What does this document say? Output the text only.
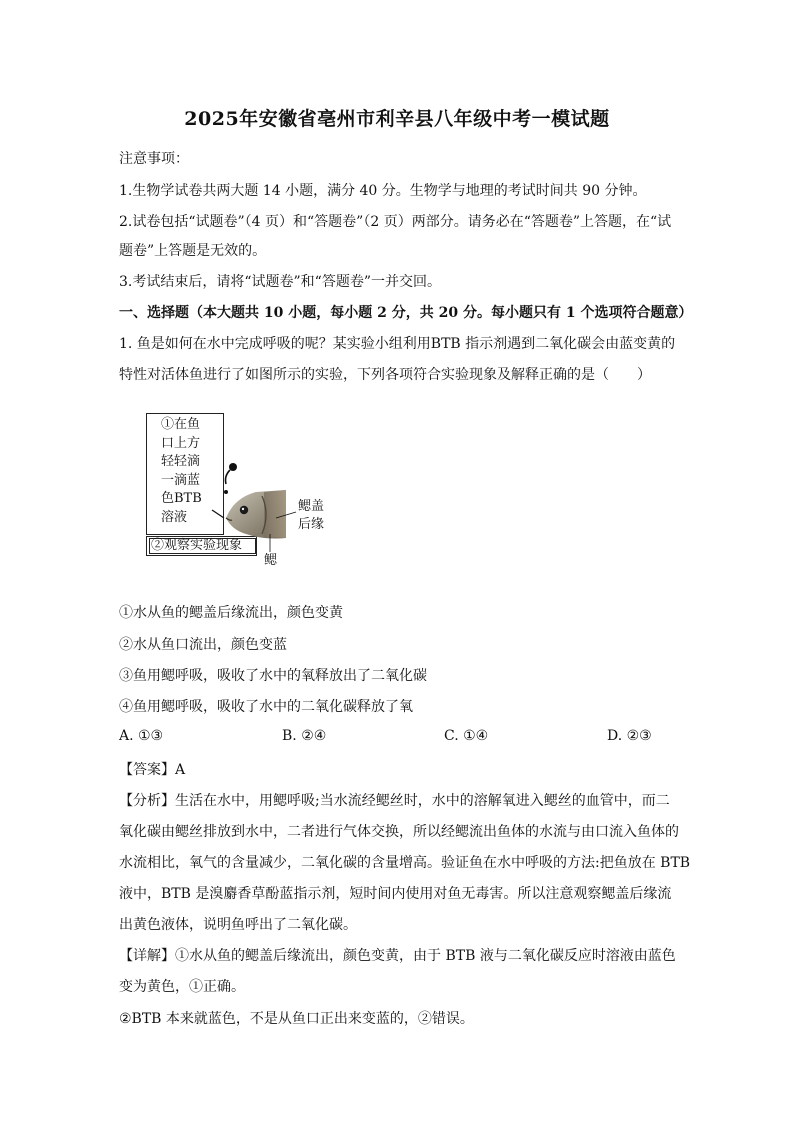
2025年安徽省亳州市利辛县八年级中考一模试题
注意事项：
1.生物学试卷共两大题 14 小题，满分 40 分。生物学与地理的考试时间共 90 分钟。
2.试卷包括“试题卷”（4 页）和“答题卷”（2 页）两部分。请务必在“答题卷”上答题，在“试
题卷”上答题是无效的。
3.考试结束后，请将“试题卷”和“答题卷”一并交回。
一、选择题（本大题共 10 小题，每小题 2 分，共 20 分。每小题只有 1 个选项符合题意）
1. 鱼是如何在水中完成呼吸的呢？某实验小组利用BTB 指示剂遇到二氧化碳会由蓝变黄的
特性对活体鱼进行了如图所示的实验，下列各项符合实验现象及解释正确的是（　　）
①在鱼
口上方
轻轻滴
一滴蓝
色BTB
溶液
②观察实验现象
鳃盖
后缘
鳃
①水从鱼的鳃盖后缘流出，颜色变黄
②水从鱼口流出，颜色变蓝
③鱼用鳃呼吸，吸收了水中的氧释放出了二氧化碳
④鱼用鳃呼吸，吸收了水中的二氧化碳释放了氧
A. ①③	B. ②④	C. ①④	D. ②③
【答案】A
【分析】生活在水中，用鳃呼吸;当水流经鳃丝时，水中的溶解氧进入鳃丝的血管中，而二
氧化碳由鳃丝排放到水中，二者进行气体交换，所以经鳃流出鱼体的水流与由口流入鱼体的
水流相比，氧气的含量减少，二氧化碳的含量增高。验证鱼在水中呼吸的方法:把鱼放在 BTB
液中，BTB 是溴麝香草酚蓝指示剂，短时间内使用对鱼无毒害。所以注意观察鳃盖后缘流
出黄色液体，说明鱼呼出了二氧化碳。
【详解】①水从鱼的鳃盖后缘流出，颜色变黄，由于 BTB 液与二氧化碳反应时溶液由蓝色
变为黄色，①正确。
②BTB 本来就蓝色，不是从鱼口正出来变蓝的，②错误。
